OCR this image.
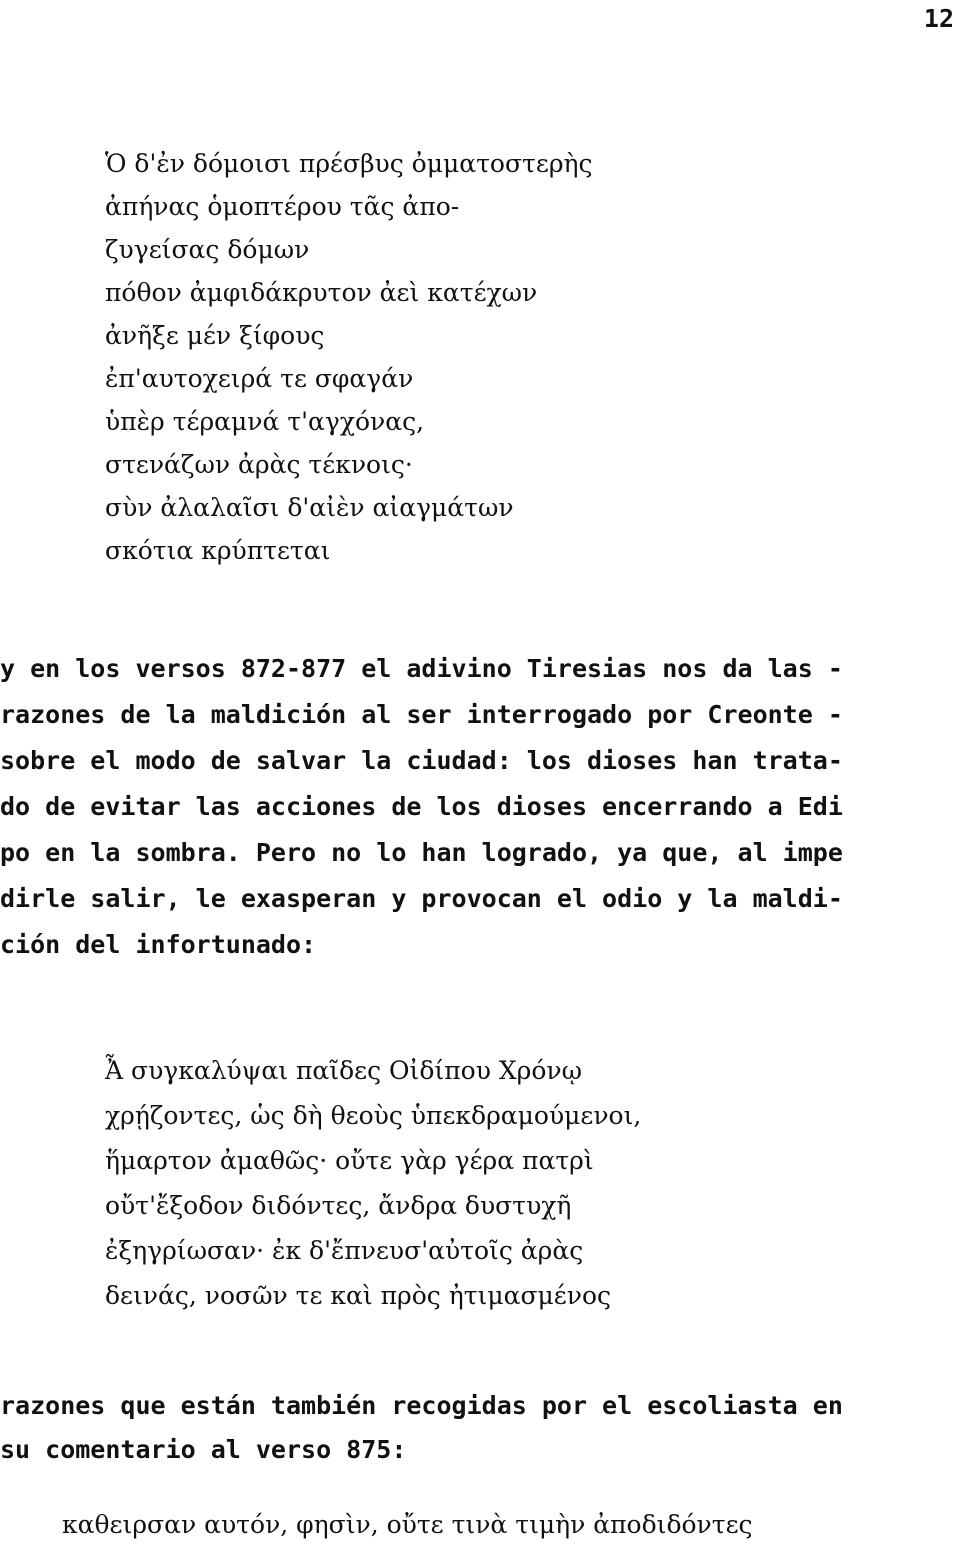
12
Ὁ δ'ἐν δόμοισι πρέσβυς ὀμματοστερὴς
ἀπήνας ὁμοπτέρου τᾶς ἀπο-
ζυγείσας δόμων
πόθον ἀμφιδάκρυτον ἀεὶ κατέχων
ἀνῆξε μέν ξίφους
ἐπ'αυτοχειρά τε σφαγάν
ὑπὲρ τέραμνά τ'αγχόνας,
στενάζων ἀρὰς τέκνοις·
σὺν ἀλαλαῖσι δ'αἰὲν αἰαγμάτων
σκότια κρύπτεται
y en los versos 872-877 el adivino Tiresias nos da las -
razones de la maldición al ser interrogado por Creonte -
sobre el modo de salvar la ciudad: los dioses han trata-
do de evitar las acciones de los dioses encerrando a Edi
po en la sombra. Pero no lo han logrado, ya que, al impe
dirle salir, le exasperan y provocan el odio y la maldi-
ción del infortunado:
Ἆ συγκαλύψαι παῖδες Οἰδίπου Χρόνῳ
χρῄζοντες, ὡς δὴ θεοὺς ὑπεκδραμούμενοι,
ἥμαρτον ἀμαθῶς· οὔτε γὰρ γέρα πατρὶ
οὔτ'ἔξοδον διδόντες, ἄνδρα δυστυχῆ
ἐξηγρίωσαν· ἐκ δ'ἔπνευσ'αὐτοῖς ἀρὰς
δεινάς, νοσῶν τε καὶ πρὸς ἠτιμασμένος
razones que están también recogidas por el escoliasta en
su comentario al verso 875:
καθειρσαν αυτόν, φησὶν, οὔτε τινὰ τιμὴν ἀποδιδόντες
